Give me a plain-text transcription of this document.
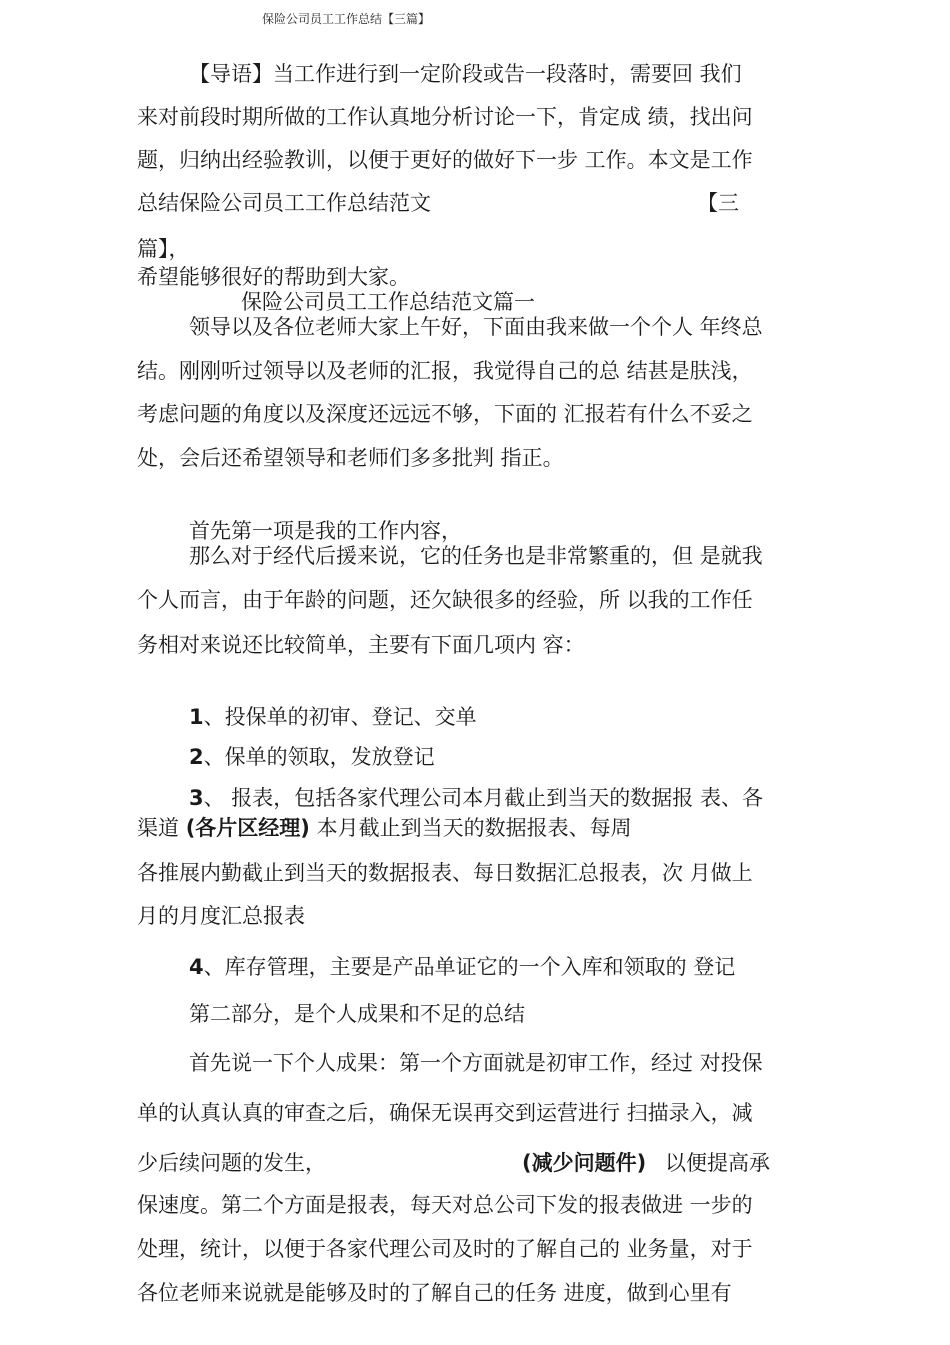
保险公司员工工作总结【三篇】
【导语】当工作进行到一定阶段或告一段落时，需要回 我们
来对前段时期所做的工作认真地分析讨论一下，肯定成 绩，找出问
题，归纳出经验教训，以便于更好的做好下一步 工作。本文是工作
总结保险公司员工工作总结范文	【三
篇】，
希望能够很好的帮助到大家。
保险公司员工工作总结范文篇一
领导以及各位老师大家上午好，下面由我来做一个个人 年终总
结。刚刚听过领导以及老师的汇报，我觉得自己的总 结甚是肤浅，
考虑问题的角度以及深度还远远不够，下面的 汇报若有什么不妥之
处，会后还希望领导和老师们多多批判 指正。
首先第一项是我的工作内容，
那么对于经代后援来说，它的任务也是非常繁重的，但 是就我
个人而言，由于年龄的问题，还欠缺很多的经验，所 以我的工作任
务相对来说还比较简单，主要有下面几项内 容：
1、投保单的初审、登记、交单
2、保单的领取，发放登记
3、 报表，包括各家代理公司本月截止到当天的数据报 表、各
渠道 (各片区经理) 本月截止到当天的数据报表、每周
各推展内勤截止到当天的数据报表、每日数据汇总报表，次 月做上
月的月度汇总报表
4、库存管理，主要是产品单证它的一个入库和领取的 登记
第二部分，是个人成果和不足的总结
首先说一下个人成果：第一个方面就是初审工作，经过 对投保
单的认真认真的审查之后，确保无误再交到运营进行 扫描录入，减
少后续问题的发生，	(减少问题件) 以便提高承
保速度。第二个方面是报表，每天对总公司下发的报表做进 一步的
处理，统计，以便于各家代理公司及时的了解自己的 业务量，对于
各位老师来说就是能够及时的了解自己的任务 进度，做到心里有
